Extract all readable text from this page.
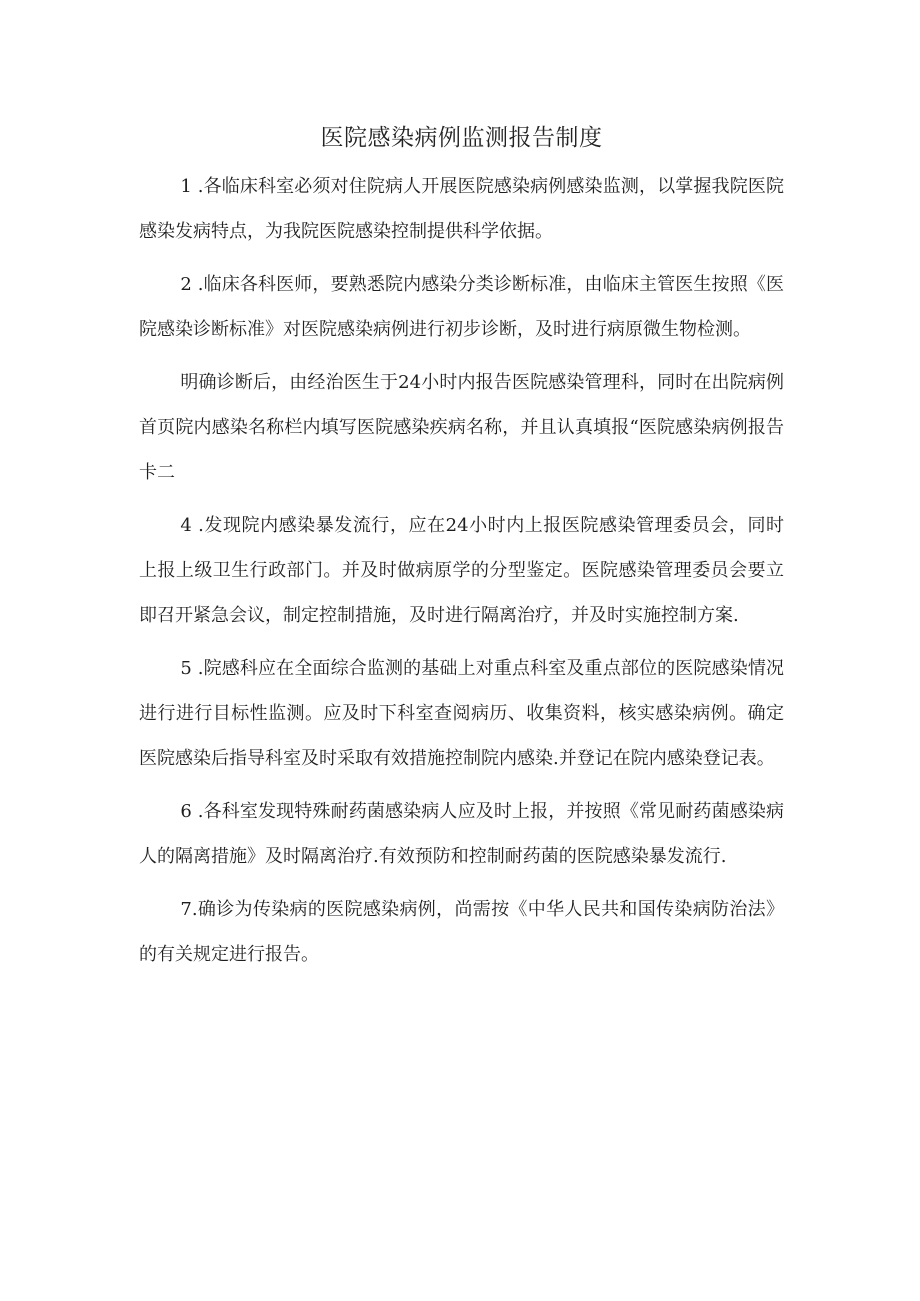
医院感染病例监测报告制度

1 .各临床科室必须对住院病人开展医院感染病例感染监测，以掌握我院医院感染发病特点，为我院医院感染控制提供科学依据。

2 .临床各科医师，要熟悉院内感染分类诊断标准，由临床主管医生按照《医院感染诊断标准》对医院感染病例进行初步诊断，及时进行病原微生物检测。

明确诊断后，由经治医生于24小时内报告医院感染管理科，同时在出院病例首页院内感染名称栏内填写医院感染疾病名称，并且认真填报“医院感染病例报告卡二

4 .发现院内感染暴发流行，应在24小时内上报医院感染管理委员会，同时上报上级卫生行政部门。并及时做病原学的分型鉴定。医院感染管理委员会要立即召开紧急会议，制定控制措施，及时进行隔离治疗，并及时实施控制方案.

5 .院感科应在全面综合监测的基础上对重点科室及重点部位的医院感染情况进行进行目标性监测。应及时下科室查阅病历、收集资料，核实感染病例。确定医院感染后指导科室及时采取有效措施控制院内感染.并登记在院内感染登记表。

6 .各科室发现特殊耐药菌感染病人应及时上报，并按照《常见耐药菌感染病人的隔离措施》及时隔离治疗.有效预防和控制耐药菌的医院感染暴发流行.

7.确诊为传染病的医院感染病例，尚需按《中华人民共和国传染病防治法》的有关规定进行报告。
